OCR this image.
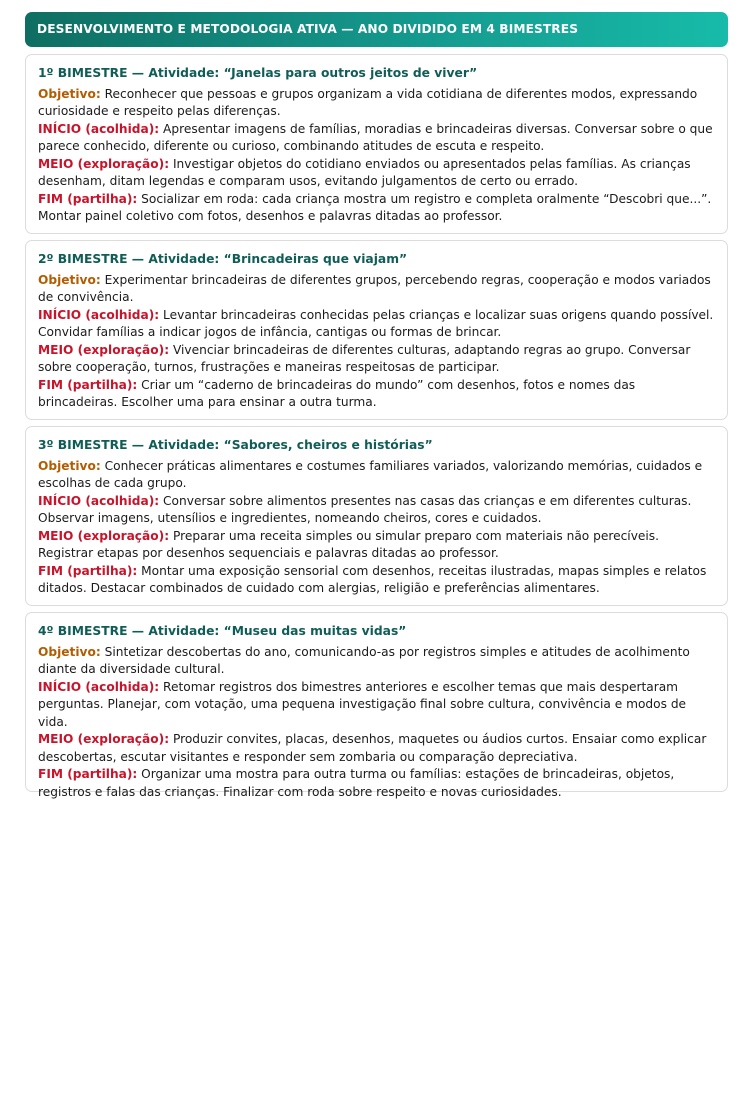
DESENVOLVIMENTO E METODOLOGIA ATIVA — ANO DIVIDIDO EM 4 BIMESTRES
1º BIMESTRE — Atividade: “Janelas para outros jeitos de viver”
Objetivo: Reconhecer que pessoas e grupos organizam a vida cotidiana de diferentes modos, expressando curiosidade e respeito pelas diferenças.
INÍCIO (acolhida): Apresentar imagens de famílias, moradias e brincadeiras diversas. Conversar sobre o que parece conhecido, diferente ou curioso, combinando atitudes de escuta e respeito.
MEIO (exploração): Investigar objetos do cotidiano enviados ou apresentados pelas famílias. As crianças desenham, ditam legendas e comparam usos, evitando julgamentos de certo ou errado.
FIM (partilha): Socializar em roda: cada criança mostra um registro e completa oralmente “Descobri que...”. Montar painel coletivo com fotos, desenhos e palavras ditadas ao professor.
2º BIMESTRE — Atividade: “Brincadeiras que viajam”
Objetivo: Experimentar brincadeiras de diferentes grupos, percebendo regras, cooperação e modos variados de convivência.
INÍCIO (acolhida): Levantar brincadeiras conhecidas pelas crianças e localizar suas origens quando possível. Convidar famílias a indicar jogos de infância, cantigas ou formas de brincar.
MEIO (exploração): Vivenciar brincadeiras de diferentes culturas, adaptando regras ao grupo. Conversar sobre cooperação, turnos, frustrações e maneiras respeitosas de participar.
FIM (partilha): Criar um “caderno de brincadeiras do mundo” com desenhos, fotos e nomes das brincadeiras. Escolher uma para ensinar a outra turma.
3º BIMESTRE — Atividade: “Sabores, cheiros e histórias”
Objetivo: Conhecer práticas alimentares e costumes familiares variados, valorizando memórias, cuidados e escolhas de cada grupo.
INÍCIO (acolhida): Conversar sobre alimentos presentes nas casas das crianças e em diferentes culturas. Observar imagens, utensílios e ingredientes, nomeando cheiros, cores e cuidados.
MEIO (exploração): Preparar uma receita simples ou simular preparo com materiais não perecíveis. Registrar etapas por desenhos sequenciais e palavras ditadas ao professor.
FIM (partilha): Montar uma exposição sensorial com desenhos, receitas ilustradas, mapas simples e relatos ditados. Destacar combinados de cuidado com alergias, religião e preferências alimentares.
4º BIMESTRE — Atividade: “Museu das muitas vidas”
Objetivo: Sintetizar descobertas do ano, comunicando-as por registros simples e atitudes de acolhimento diante da diversidade cultural.
INÍCIO (acolhida): Retomar registros dos bimestres anteriores e escolher temas que mais despertaram perguntas. Planejar, com votação, uma pequena investigação final sobre cultura, convivência e modos de vida.
MEIO (exploração): Produzir convites, placas, desenhos, maquetes ou áudios curtos. Ensaiar como explicar descobertas, escutar visitantes e responder sem zombaria ou comparação depreciativa.
FIM (partilha): Organizar uma mostra para outra turma ou famílias: estações de brincadeiras, objetos, registros e falas das crianças. Finalizar com roda sobre respeito e novas curiosidades.
